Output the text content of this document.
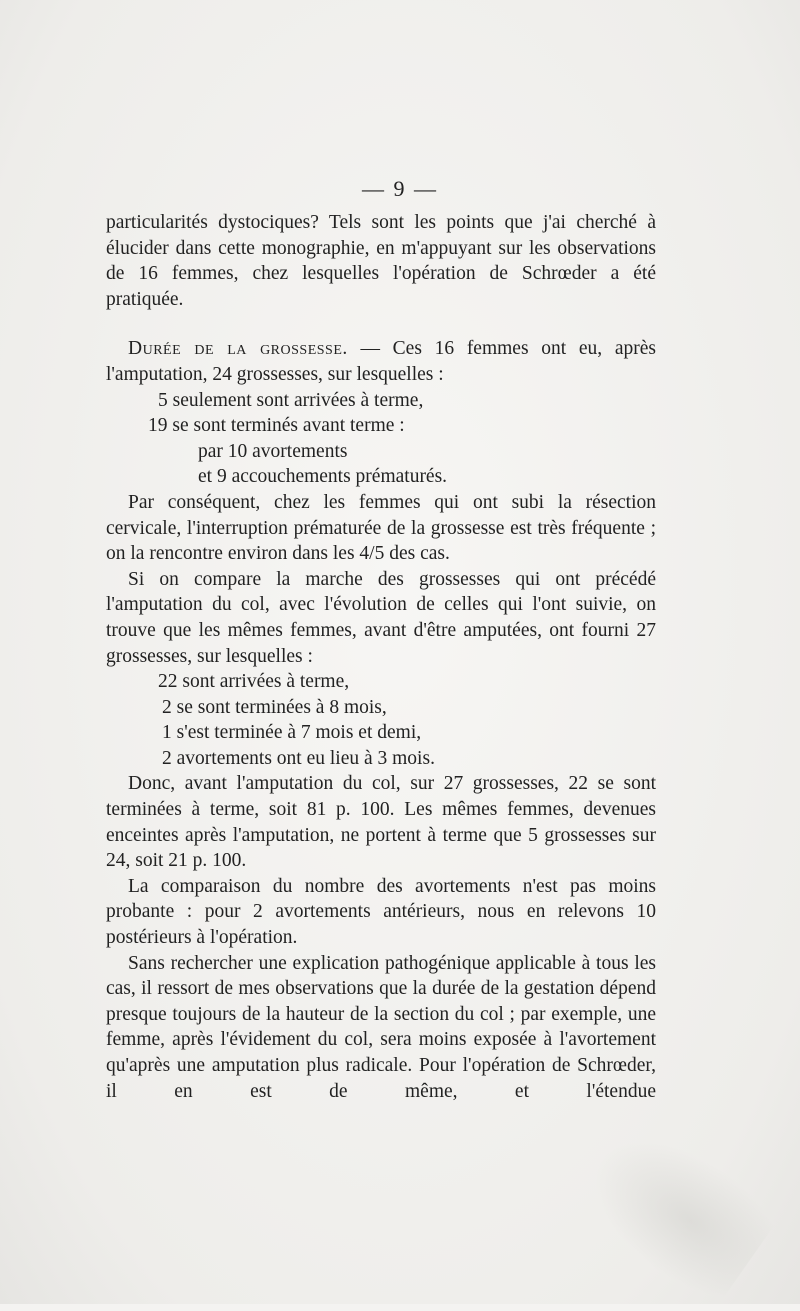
— 9 —

particularités dystociques? Tels sont les points que j'ai cherché à élucider dans cette monographie, en m'appuyant sur les observations de 16 femmes, chez lesquelles l'opération de Schrœder a été pratiquée.

Durée de la grossesse. — Ces 16 femmes ont eu, après l'amputation, 24 grossesses, sur lesquelles :

5 seulement sont arrivées à terme,

19 se sont terminés avant terme :

par 10 avortements

et 9 accouchements prématurés.

Par conséquent, chez les femmes qui ont subi la résection cervicale, l'interruption prématurée de la grossesse est très fréquente ; on la rencontre environ dans les 4/5 des cas.

Si on compare la marche des grossesses qui ont précédé l'amputation du col, avec l'évolution de celles qui l'ont suivie, on trouve que les mêmes femmes, avant d'être amputées, ont fourni 27 grossesses, sur lesquelles :

22 sont arrivées à terme,

2 se sont terminées à 8 mois,

1 s'est terminée à 7 mois et demi,

2 avortements ont eu lieu à 3 mois.

Donc, avant l'amputation du col, sur 27 grossesses, 22 se sont terminées à terme, soit 81 p. 100. Les mêmes femmes, devenues enceintes après l'amputation, ne portent à terme que 5 grossesses sur 24, soit 21 p. 100.

La comparaison du nombre des avortements n'est pas moins probante : pour 2 avortements antérieurs, nous en relevons 10 postérieurs à l'opération.

Sans rechercher une explication pathogénique applicable à tous les cas, il ressort de mes observations que la durée de la gestation dépend presque toujours de la hauteur de la section du col ; par exemple, une femme, après l'évidement du col, sera moins exposée à l'avortement qu'après une amputation plus radicale. Pour l'opération de Schrœder, il en est de même, et l'étendue
